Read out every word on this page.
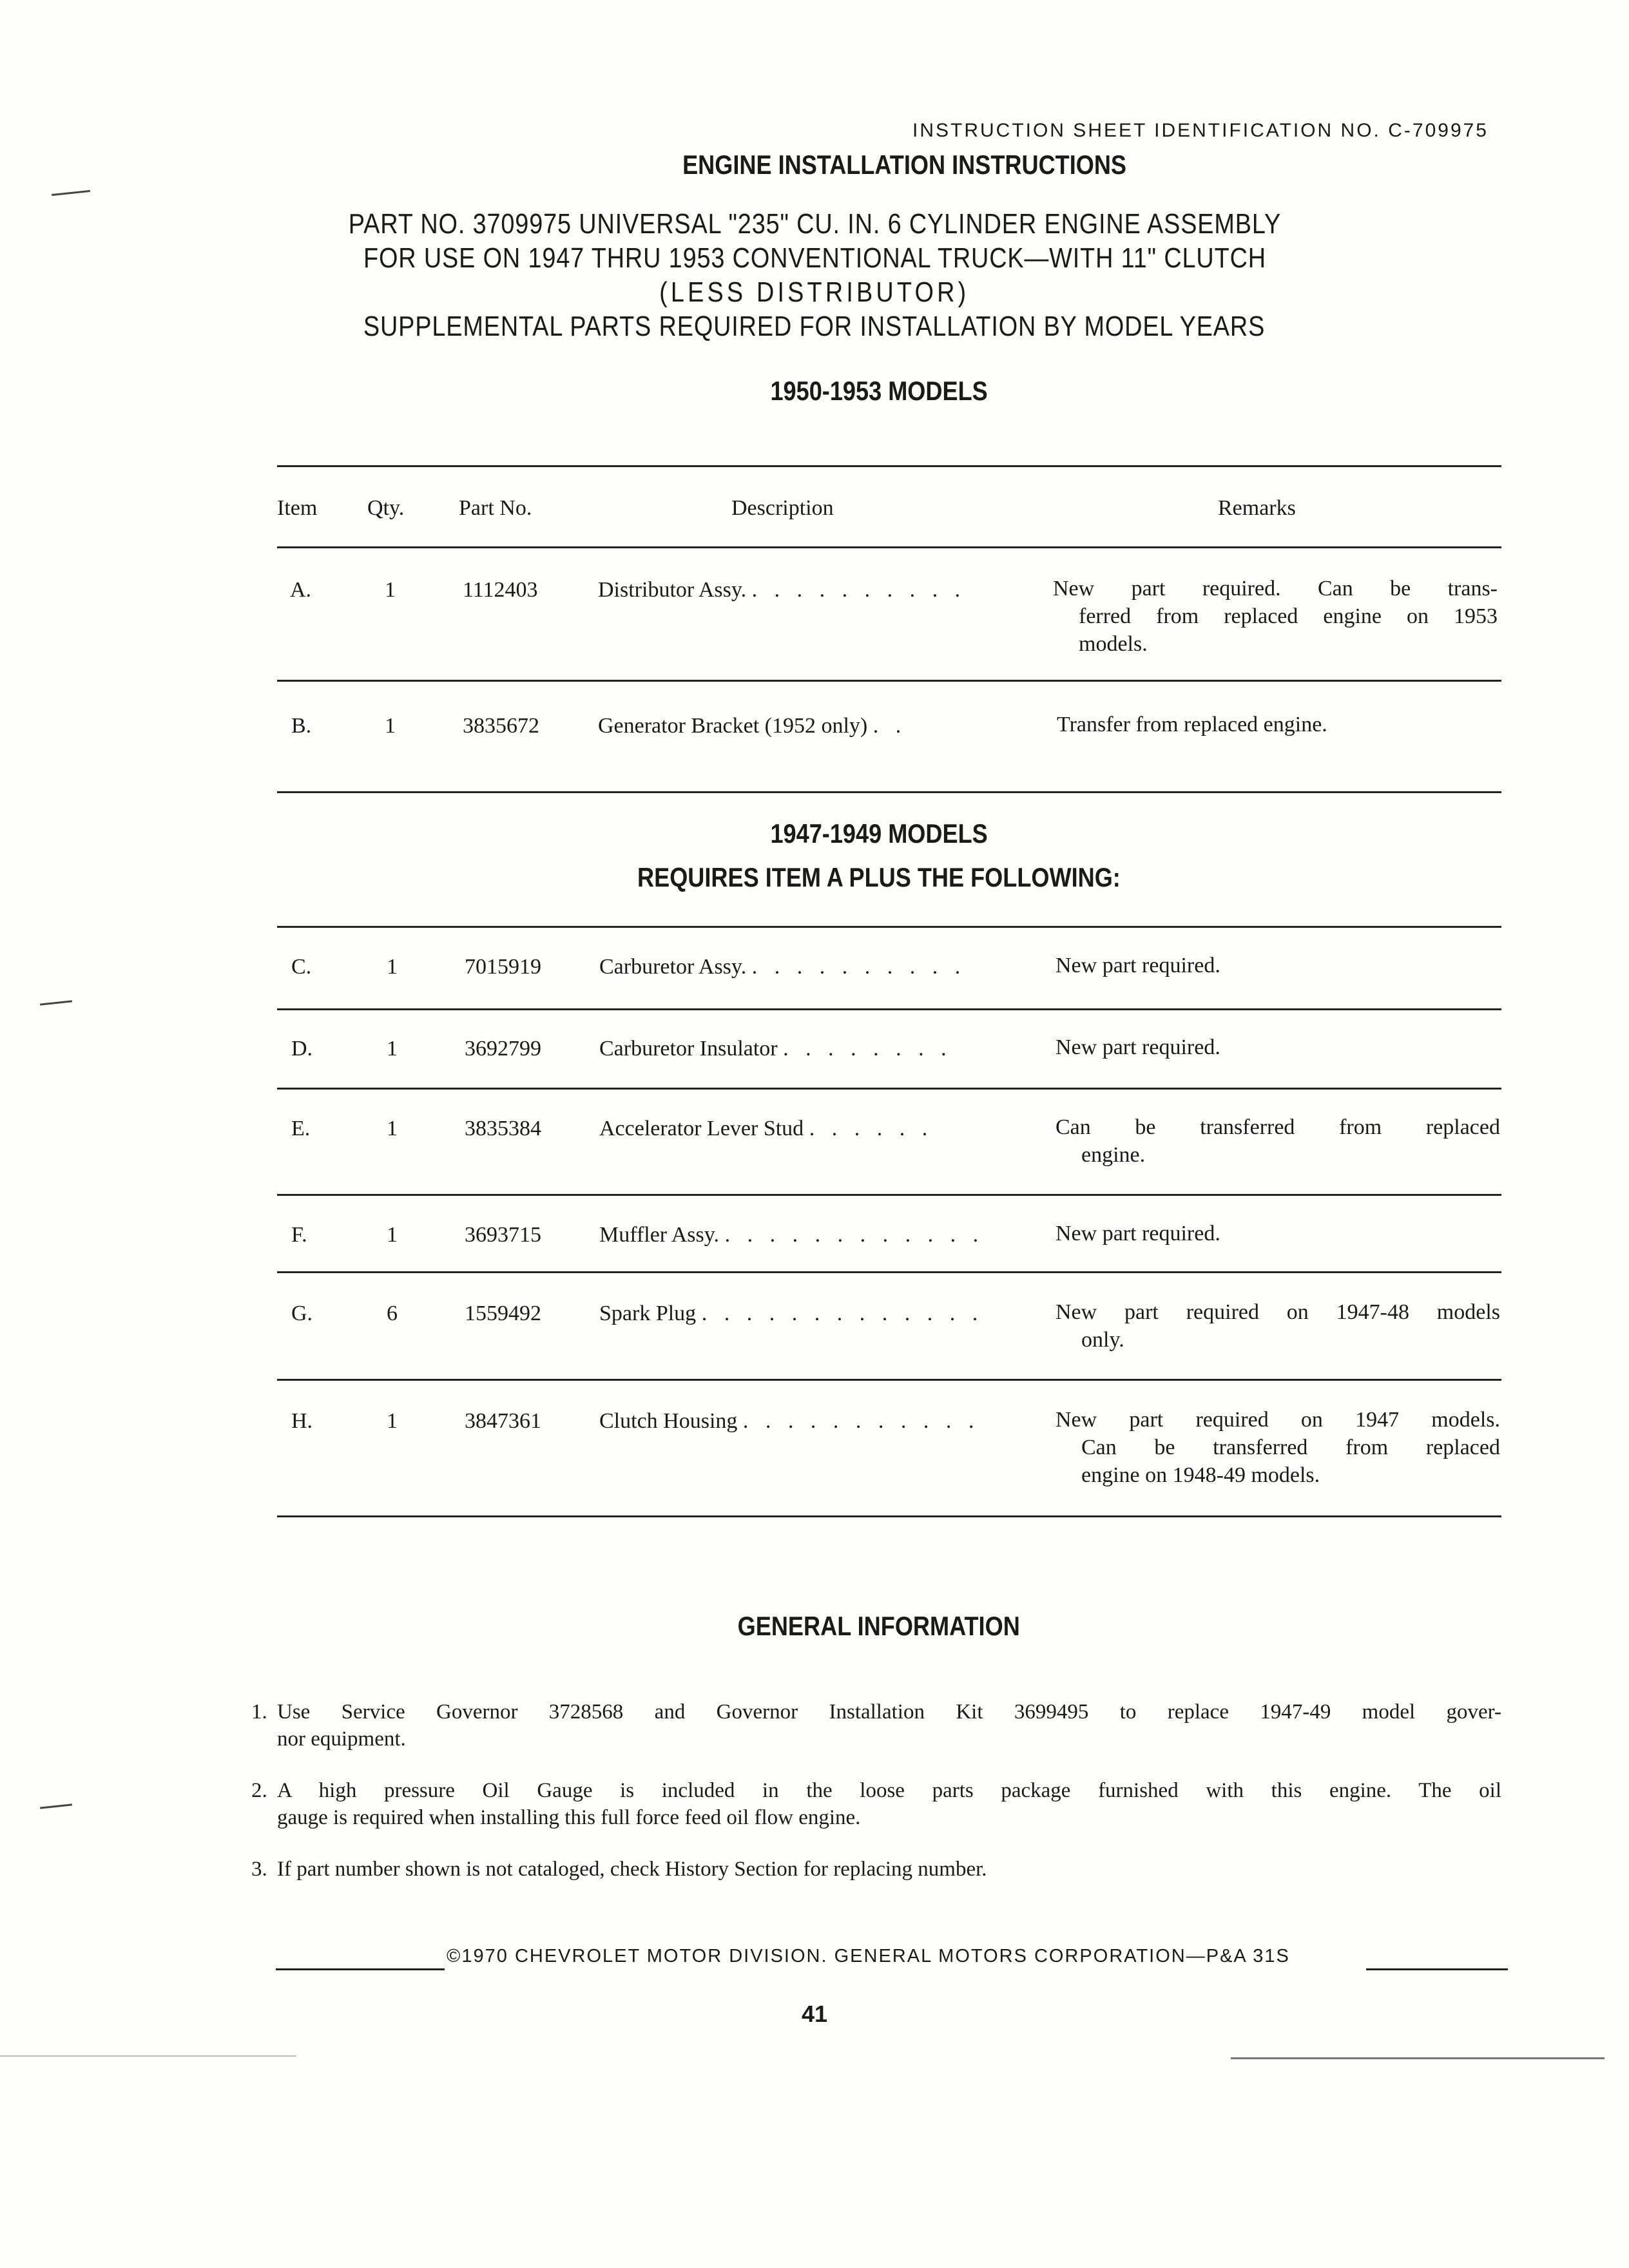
INSTRUCTION SHEET IDENTIFICATION NO. C-709975
ENGINE INSTALLATION INSTRUCTIONS
PART NO. 3709975 UNIVERSAL "235" CU. IN. 6 CYLINDER ENGINE ASSEMBLY
FOR USE ON 1947 THRU 1953 CONVENTIONAL TRUCK—WITH 11" CLUTCH
(LESS DISTRIBUTOR)
SUPPLEMENTAL PARTS REQUIRED FOR INSTALLATION BY MODEL YEARS
1950-1953 MODELS
Item Qty. Part No.	Description	Remarks
A.	1	1112403	Distributor Assy. . . . . . . . . . .	New part required. Can be trans-
ferred from replaced engine on 1953
models.
B.	1	3835672	Generator Bracket (1952 only) . .	Transfer from replaced engine.
1947-1949 MODELS
REQUIRES ITEM A PLUS THE FOLLOWING:
C.	1	7015919	Carburetor Assy. . . . . . . . . . .	New part required.
D.	1	3692799	Carburetor Insulator . . . . . . . .	New part required.
E.	1	3835384	Accelerator Lever Stud . . . . . .	Can be transferred from replaced
engine.
F.	1	3693715	Muffler Assy. . . . . . . . . . . . .	New part required.
G.	6	1559492	Spark Plug . . . . . . . . . . . . .	New part required on 1947-48 models
only.
H.	1	3847361	Clutch Housing . . . . . . . . . . .	New part required on 1947 models.
Can be transferred from replaced
engine on 1948-49 models.
GENERAL INFORMATION
1. Use Service Governor 3728568 and Governor Installation Kit 3699495 to replace 1947-49 model gover-
nor equipment.
2. A high pressure Oil Gauge is included in the loose parts package furnished with this engine. The oil
gauge is required when installing this full force feed oil flow engine.
3. If part number shown is not cataloged, check History Section for replacing number.
©1970 CHEVROLET MOTOR DIVISION. GENERAL MOTORS CORPORATION—P&A 31S
41
